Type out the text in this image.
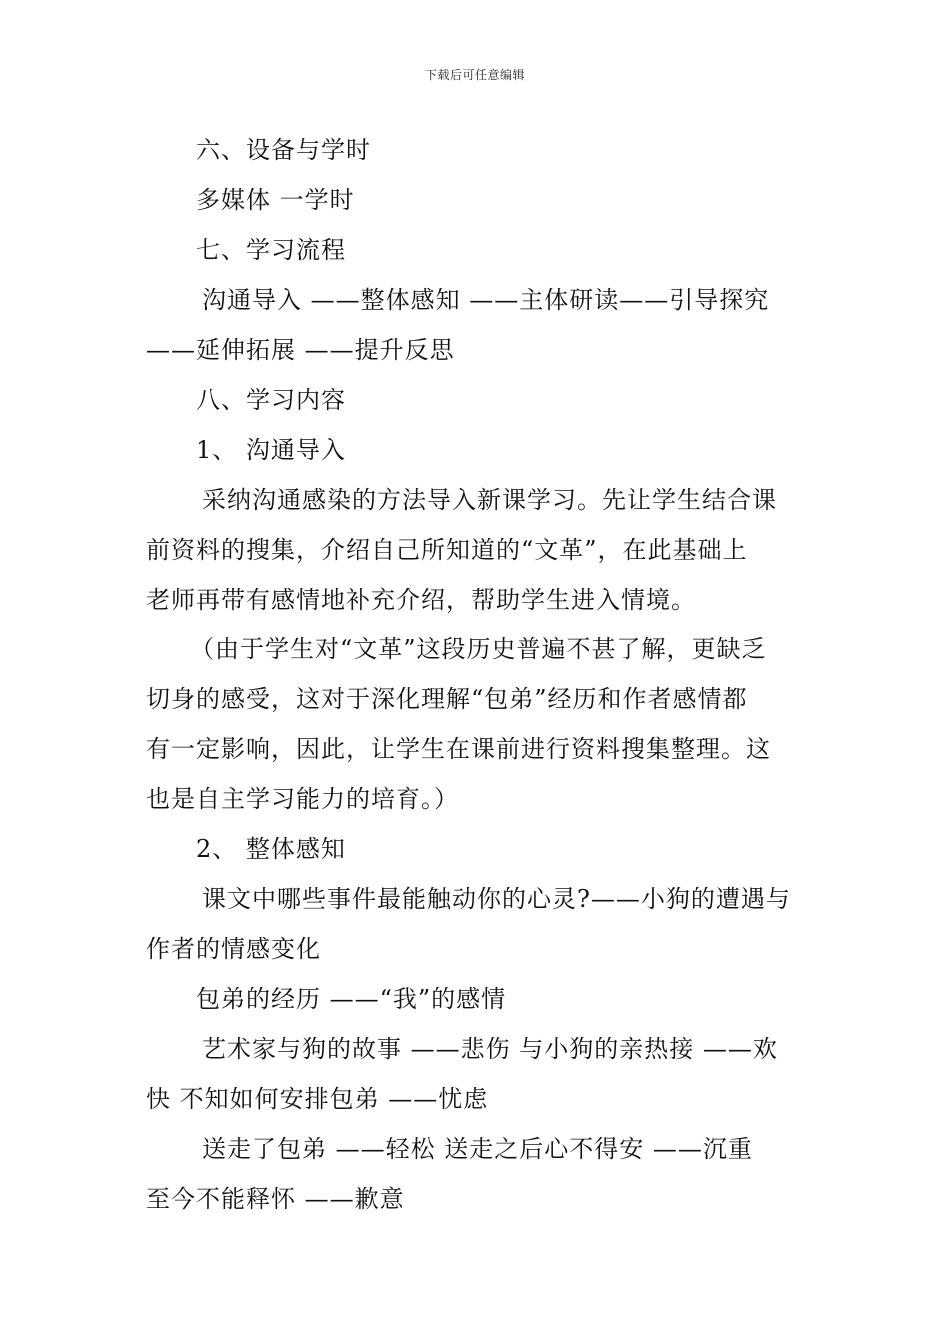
下载后可任意编辑
六、设备与学时
多媒体 一学时
七、学习流程
沟通导入 ——整体感知 ——主体研读——引导探究
——延伸拓展 ——提升反思
八、学习内容
1、 沟通导入
采纳沟通感染的方法导入新课学习。先让学生结合课
前资料的搜集，介绍自己所知道的“文革”，在此基础上
老师再带有感情地补充介绍，帮助学生进入情境。
（由于学生对“文革”这段历史普遍不甚了解，更缺乏
切身的感受，这对于深化理解“包弟”经历和作者感情都
有一定影响，因此，让学生在课前进行资料搜集整理。这
也是自主学习能力的培育。）
2、 整体感知
课文中哪些事件最能触动你的心灵?——小狗的遭遇与
作者的情感变化
包弟的经历 ——“我”的感情
艺术家与狗的故事 ——悲伤 与小狗的亲热接 ——欢
快 不知如何安排包弟 ——忧虑
送走了包弟 ——轻松 送走之后心不得安 ——沉重
至今不能释怀 ——歉意
